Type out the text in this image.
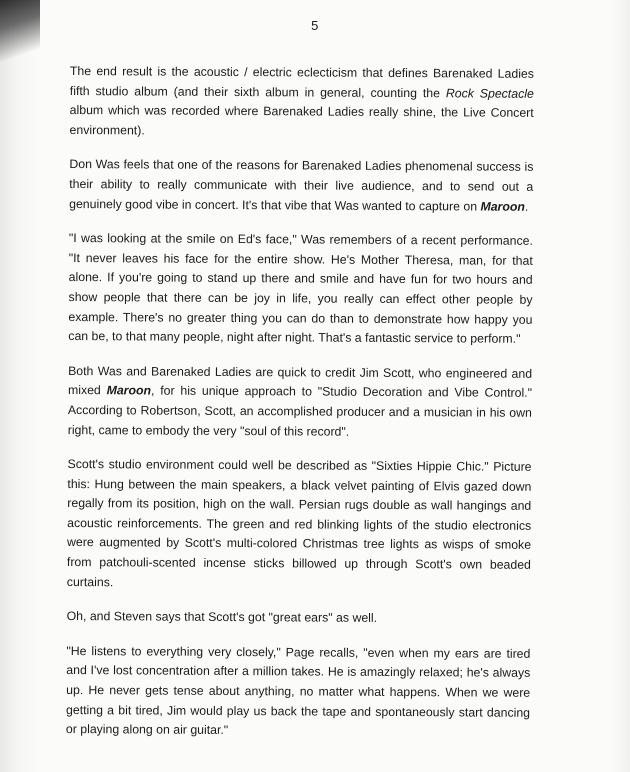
5

The end result is the acoustic / electric eclecticism that defines Barenaked Ladies fifth studio album (and their sixth album in general, counting the Rock Spectacle album which was recorded where Barenaked Ladies really shine, the Live Concert environment).

Don Was feels that one of the reasons for Barenaked Ladies phenomenal success is their ability to really communicate with their live audience, and to send out a genuinely good vibe in concert. It's that vibe that Was wanted to capture on Maroon.

"I was looking at the smile on Ed's face," Was remembers of a recent performance. "It never leaves his face for the entire show. He's Mother Theresa, man, for that alone. If you're going to stand up there and smile and have fun for two hours and show people that there can be joy in life, you really can effect other people by example. There's no greater thing you can do than to demonstrate how happy you can be, to that many people, night after night. That's a fantastic service to perform."

Both Was and Barenaked Ladies are quick to credit Jim Scott, who engineered and mixed Maroon, for his unique approach to "Studio Decoration and Vibe Control." According to Robertson, Scott, an accomplished producer and a musician in his own right, came to embody the very "soul of this record".

Scott's studio environment could well be described as "Sixties Hippie Chic." Picture this: Hung between the main speakers, a black velvet painting of Elvis gazed down regally from its position, high on the wall. Persian rugs double as wall hangings and acoustic reinforcements. The green and red blinking lights of the studio electronics were augmented by Scott's multi-colored Christmas tree lights as wisps of smoke from patchouli-scented incense sticks billowed up through Scott's own beaded curtains.

Oh, and Steven says that Scott's got "great ears" as well.

"He listens to everything very closely," Page recalls, "even when my ears are tired and I've lost concentration after a million takes. He is amazingly relaxed; he's always up. He never gets tense about anything, no matter what happens. When we were getting a bit tired, Jim would play us back the tape and spontaneously start dancing or playing along on air guitar."
